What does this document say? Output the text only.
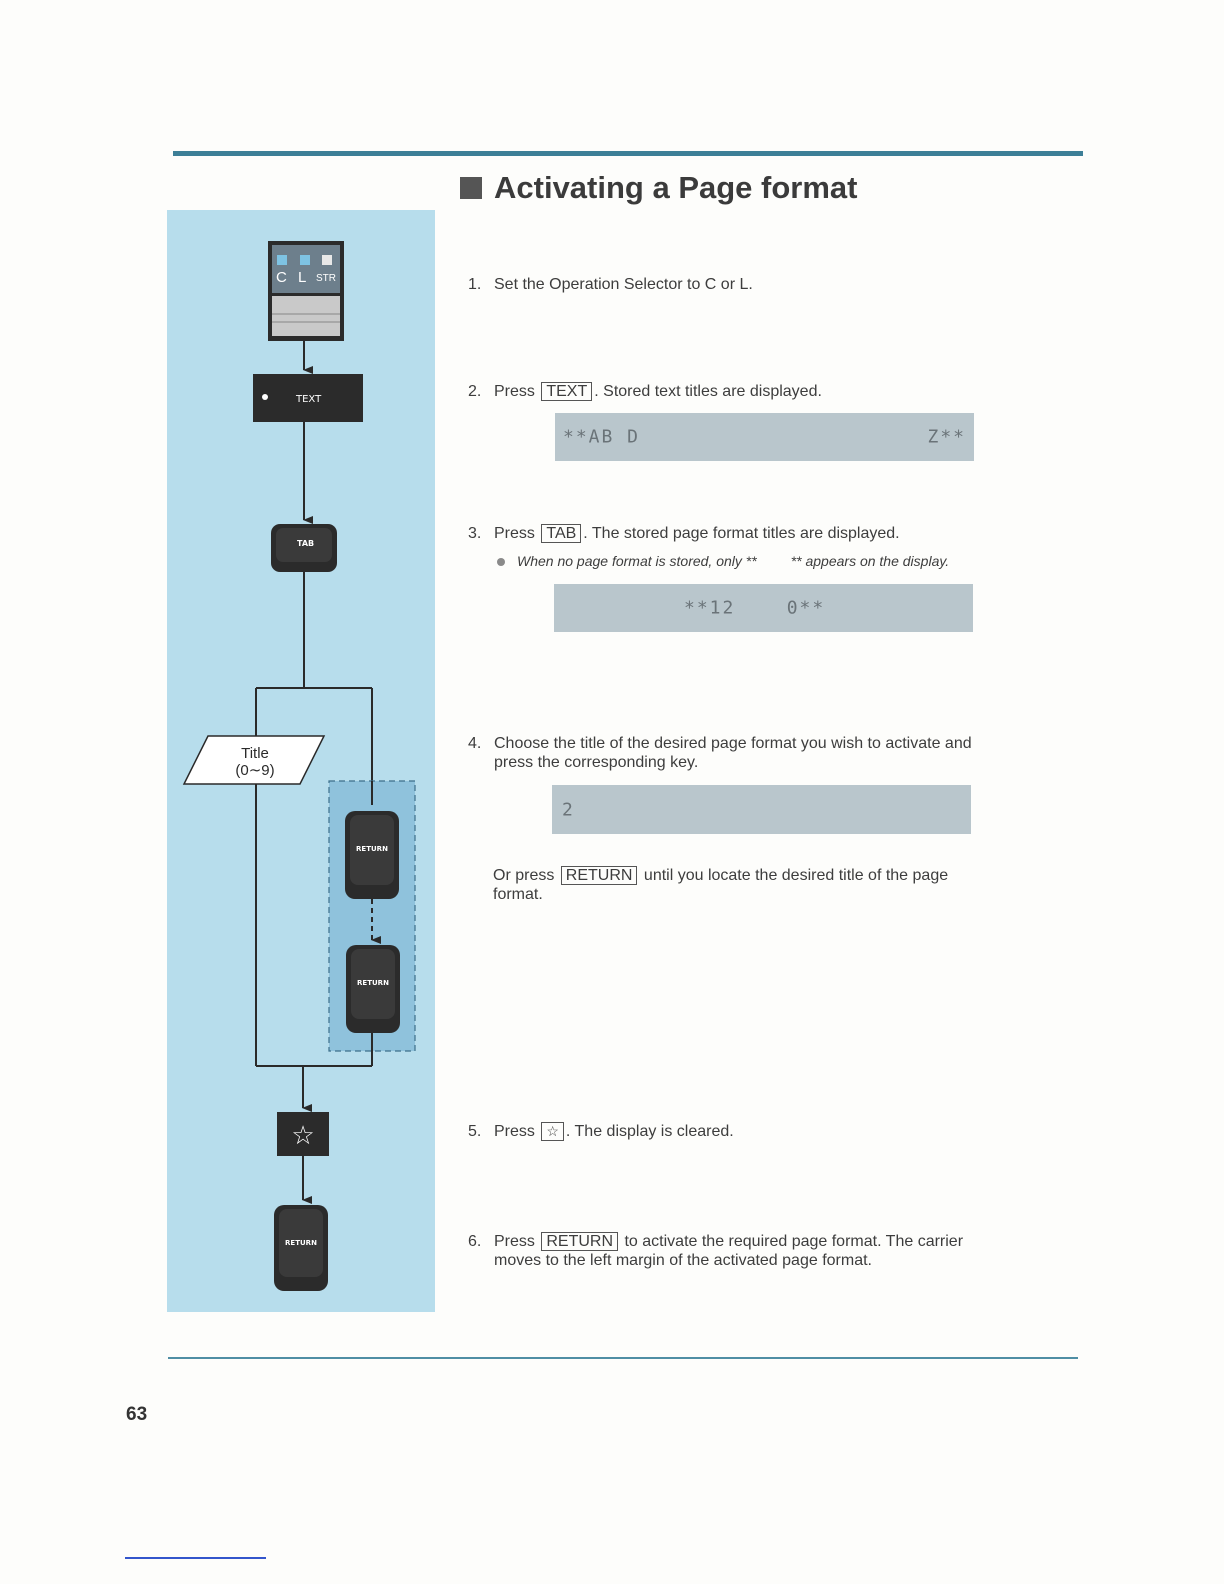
Activating a Page format
C L STR
TEXT
TAB
Title
(0∼9)
RETURN
RETURN
☆
RETURN
1. Set the Operation Selector to C or L.
2. Press TEXT . Stored text titles are displayed.
**AB D	Z**
3. Press TAB . The stored page format titles are displayed.
When no page format is stored, only ** ** appears on the display.
**12    0**
4. Choose the title of the desired page format you wish to activate and
press the corresponding key.
2
Or press RETURN until you locate the desired title of the page
format.
5. Press ☆ . The display is cleared.
6. Press RETURN to activate the required page format. The carrier
moves to the left margin of the activated page format.
63
